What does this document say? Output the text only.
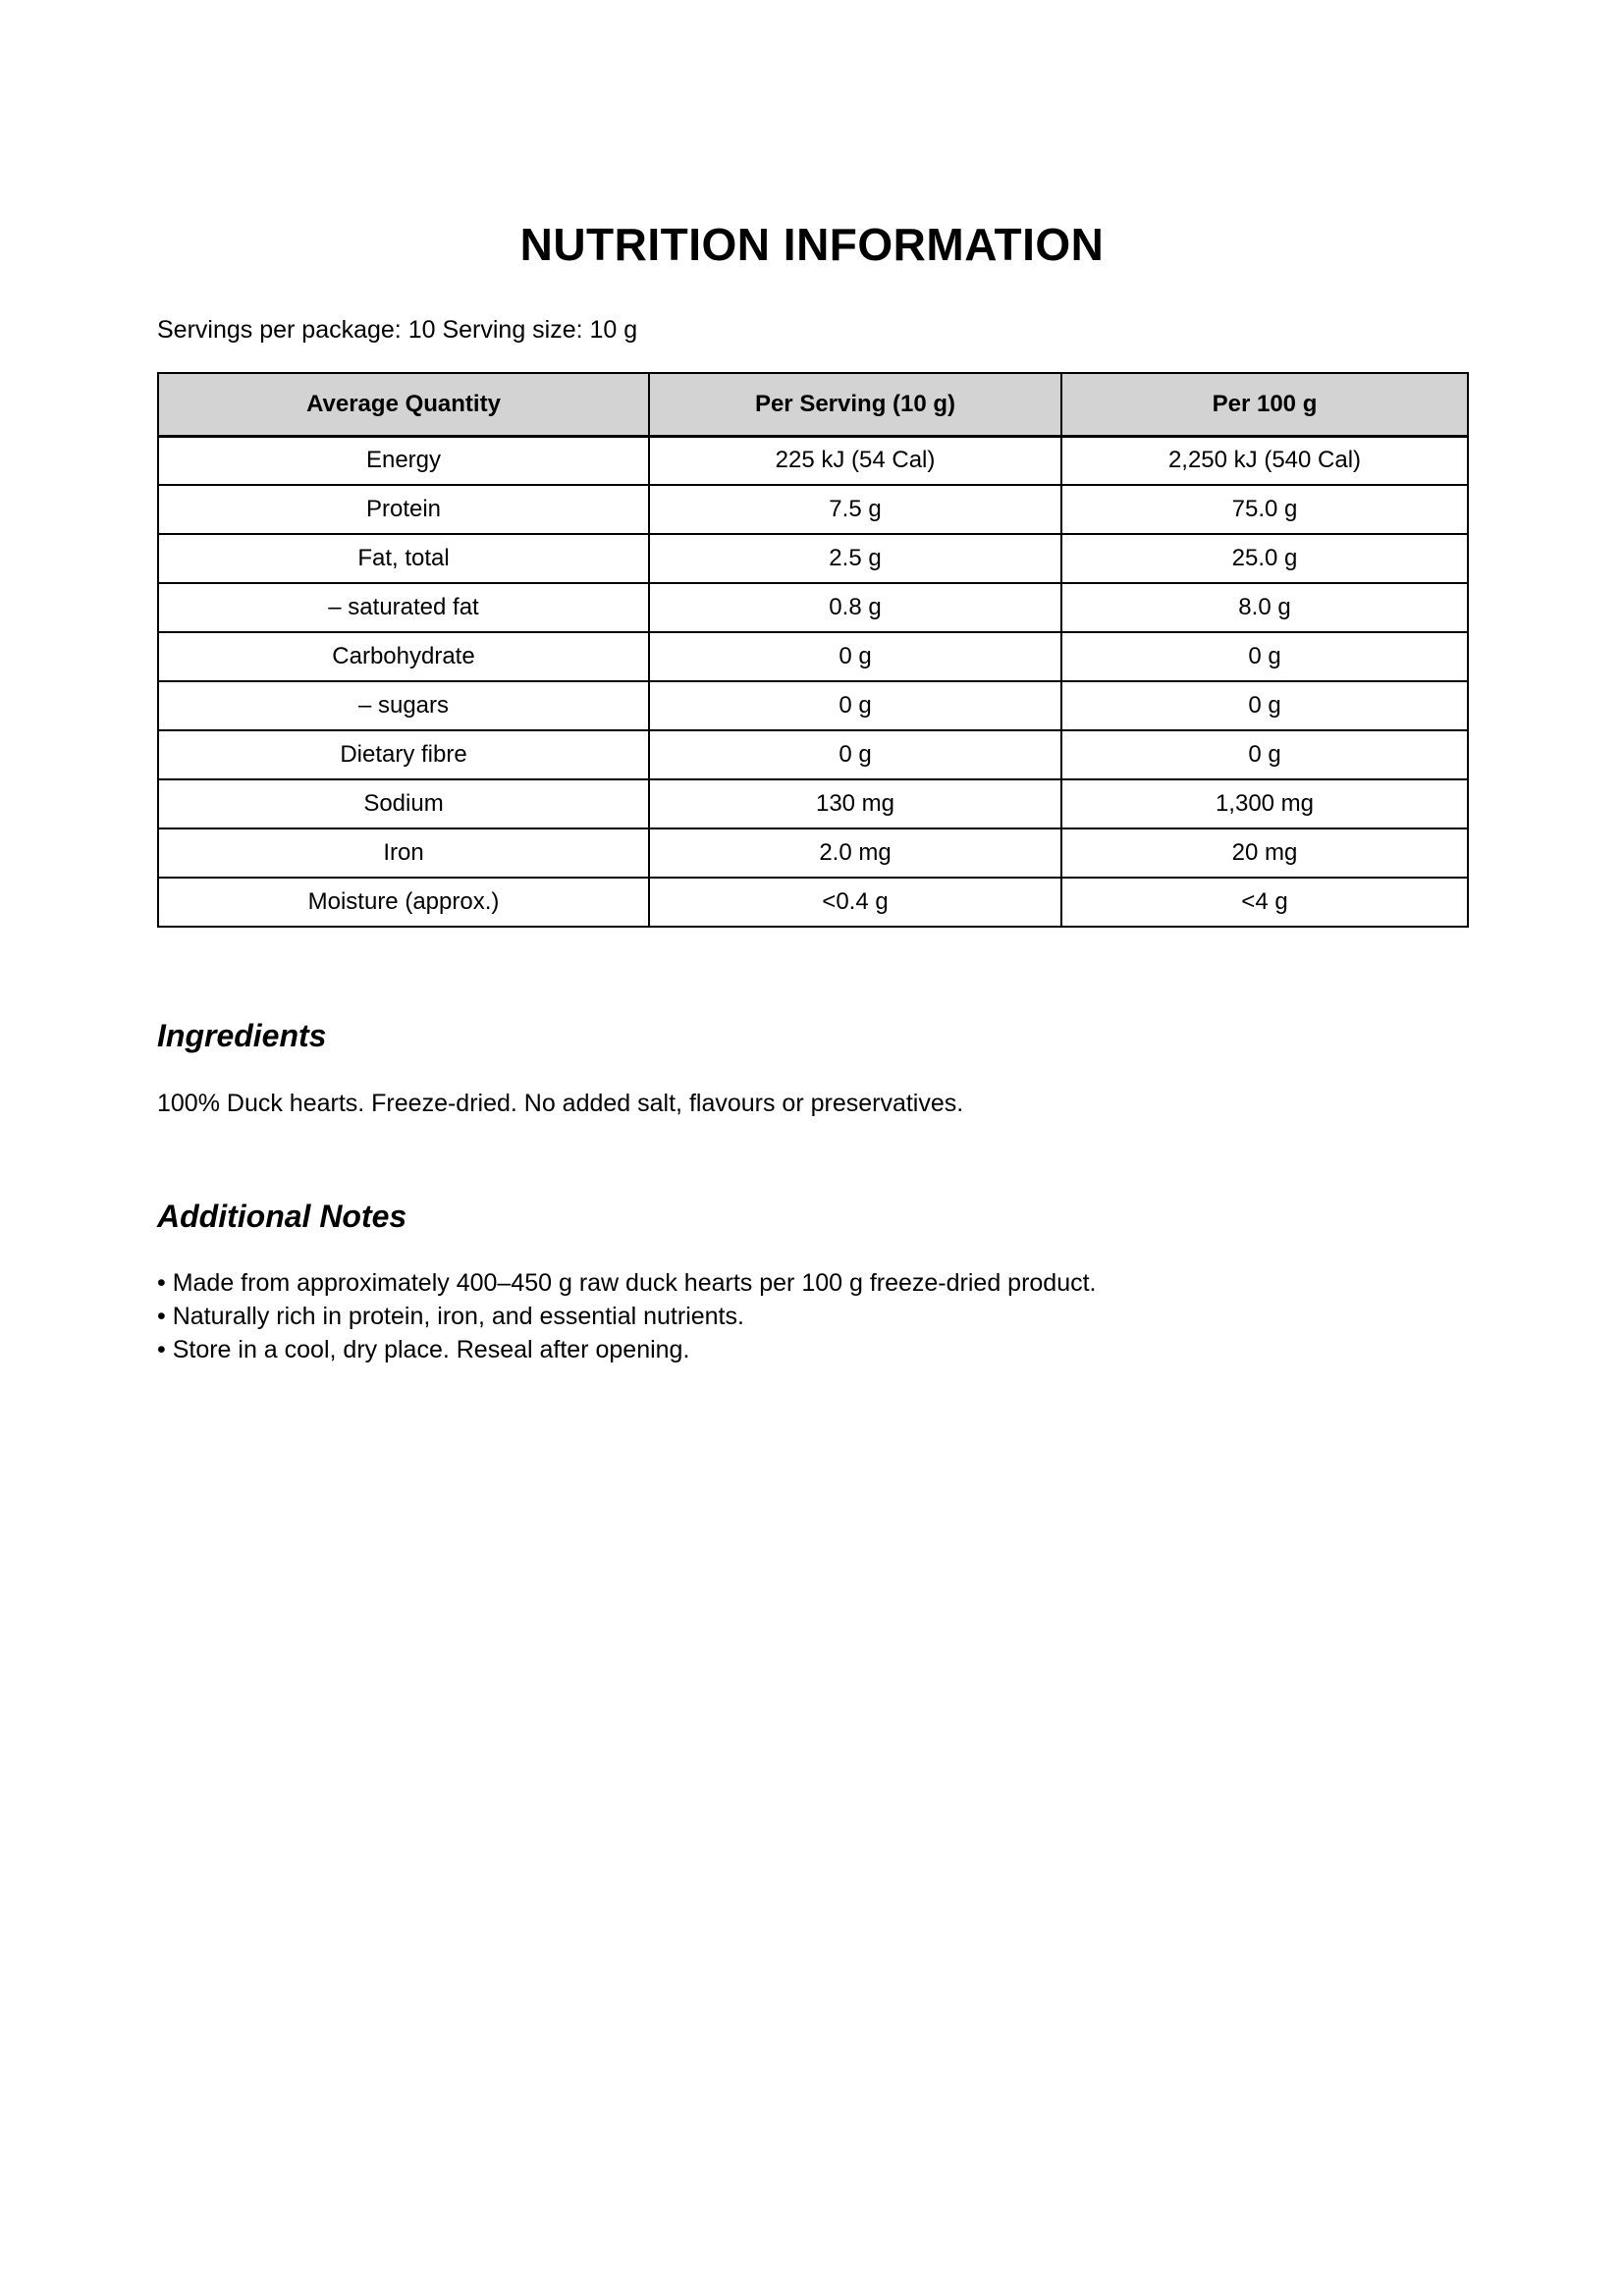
NUTRITION INFORMATION
Servings per package: 10 Serving size: 10 g
Average Quantity	Per Serving (10 g)	Per 100 g
Energy	225 kJ (54 Cal)	2,250 kJ (540 Cal)
Protein	7.5 g	75.0 g
Fat, total	2.5 g	25.0 g
– saturated fat	0.8 g	8.0 g
Carbohydrate	0 g	0 g
– sugars	0 g	0 g
Dietary fibre	0 g	0 g
Sodium	130 mg	1,300 mg
Iron	2.0 mg	20 mg
Moisture (approx.)	<0.4 g	<4 g
Ingredients
100% Duck hearts. Freeze-dried. No added salt, flavours or preservatives.
Additional Notes
• Made from approximately 400–450 g raw duck hearts per 100 g freeze-dried product.
• Naturally rich in protein, iron, and essential nutrients.
• Store in a cool, dry place. Reseal after opening.
